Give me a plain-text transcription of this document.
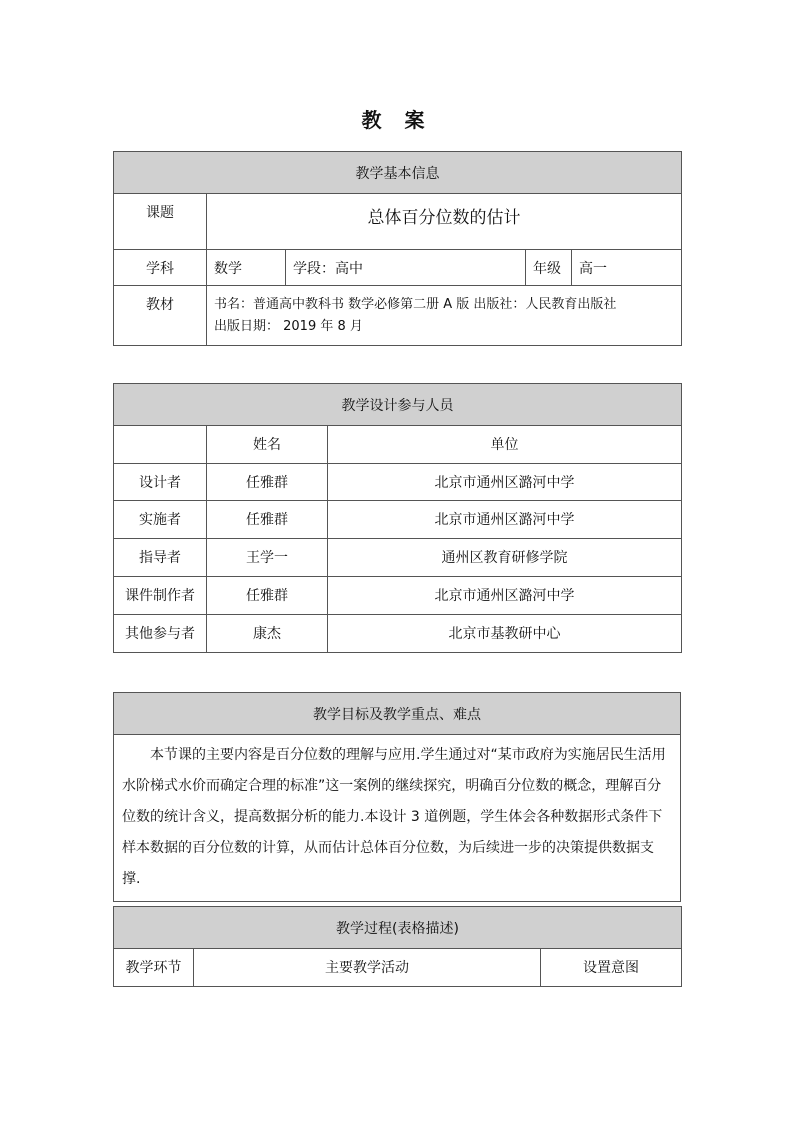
教 案
教学基本信息				
课题	总体百分位数的估计			
学科	数学	学段：高中	年级	高一
教材	书名：普通高中教科书 数学必修第二册 A 版 出版社：人民教育出版社
出版日期： 2019 年 8 月			
教学设计参与人员		
	姓名	单位
设计者	任雅群	北京市通州区潞河中学
实施者	任雅群	北京市通州区潞河中学
指导者	王学一	通州区教育研修学院
课件制作者	任雅群	北京市通州区潞河中学
其他参与者	康杰	北京市基教研中心
教学目标及教学重点、难点
本节课的主要内容是百分位数的理解与应用.学生通过对“某市政府为实施居民生活用水阶梯式水价而确定合理的标准”这一案例的继续探究，明确百分位数的概念，理解百分位数的统计含义，提高数据分析的能力.本设计 3 道例题，学生体会各种数据形式条件下样本数据的百分位数的计算，从而估计总体百分位数，为后续进一步的决策提供数据支撑.
教学过程(表格描述)
教学环节	主要教学活动	设置意图
